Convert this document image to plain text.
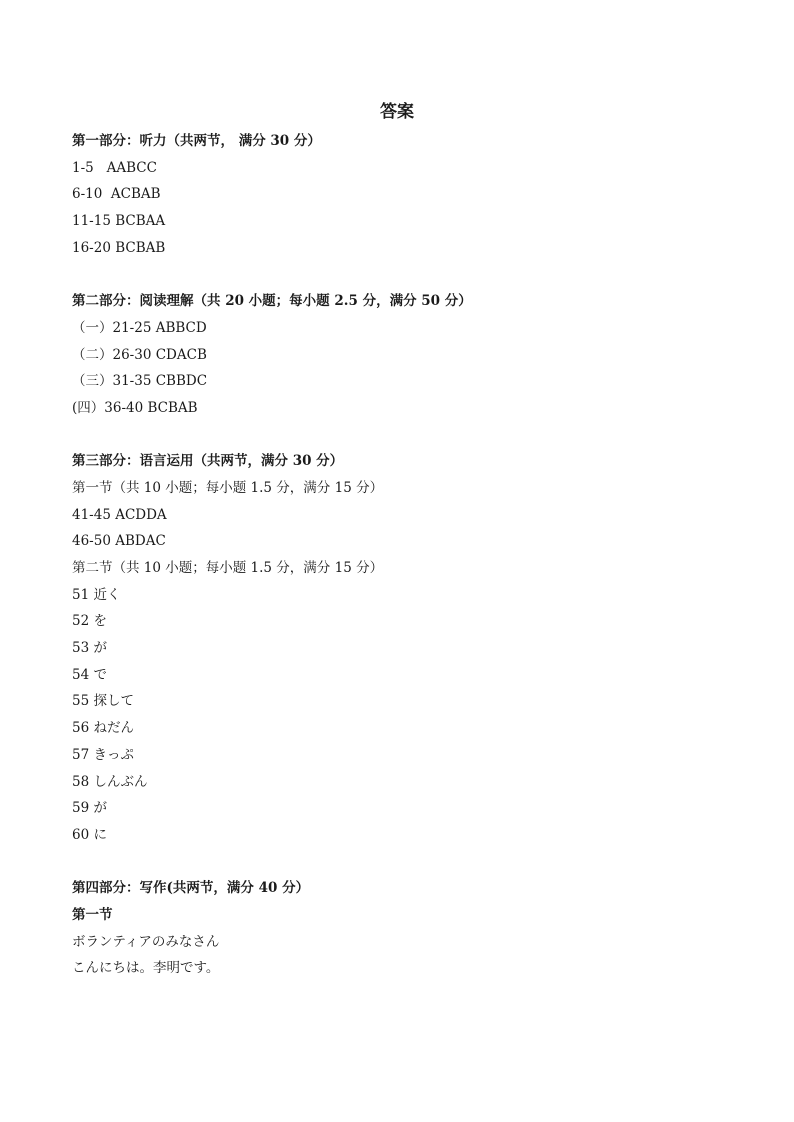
答案
第一部分：听力（共两节， 满分 30 分）
1-5   AABCC
6-10  ACBAB
11-15 BCBAA
16-20 BCBAB
第二部分：阅读理解（共 20 小题；每小题 2.5 分，满分 50 分）
（一）21-25 ABBCD
（二）26-30 CDACB
（三）31-35 CBBDC
(四）36-40 BCBAB
第三部分：语言运用（共两节，满分 30 分）
第一节（共 10 小题；每小题 1.5 分，满分 15 分）
41-45 ACDDA
46-50 ABDAC
第二节（共 10 小题；每小题 1.5 分，满分 15 分）
51 近く
52 を
53 が
54 で
55 探して
56 ねだん
57 きっぷ
58 しんぶん
59 が
60 に
第四部分：写作(共两节，满分 40 分）
第一节
ボランティアのみなさん
こんにちは。李明です。
